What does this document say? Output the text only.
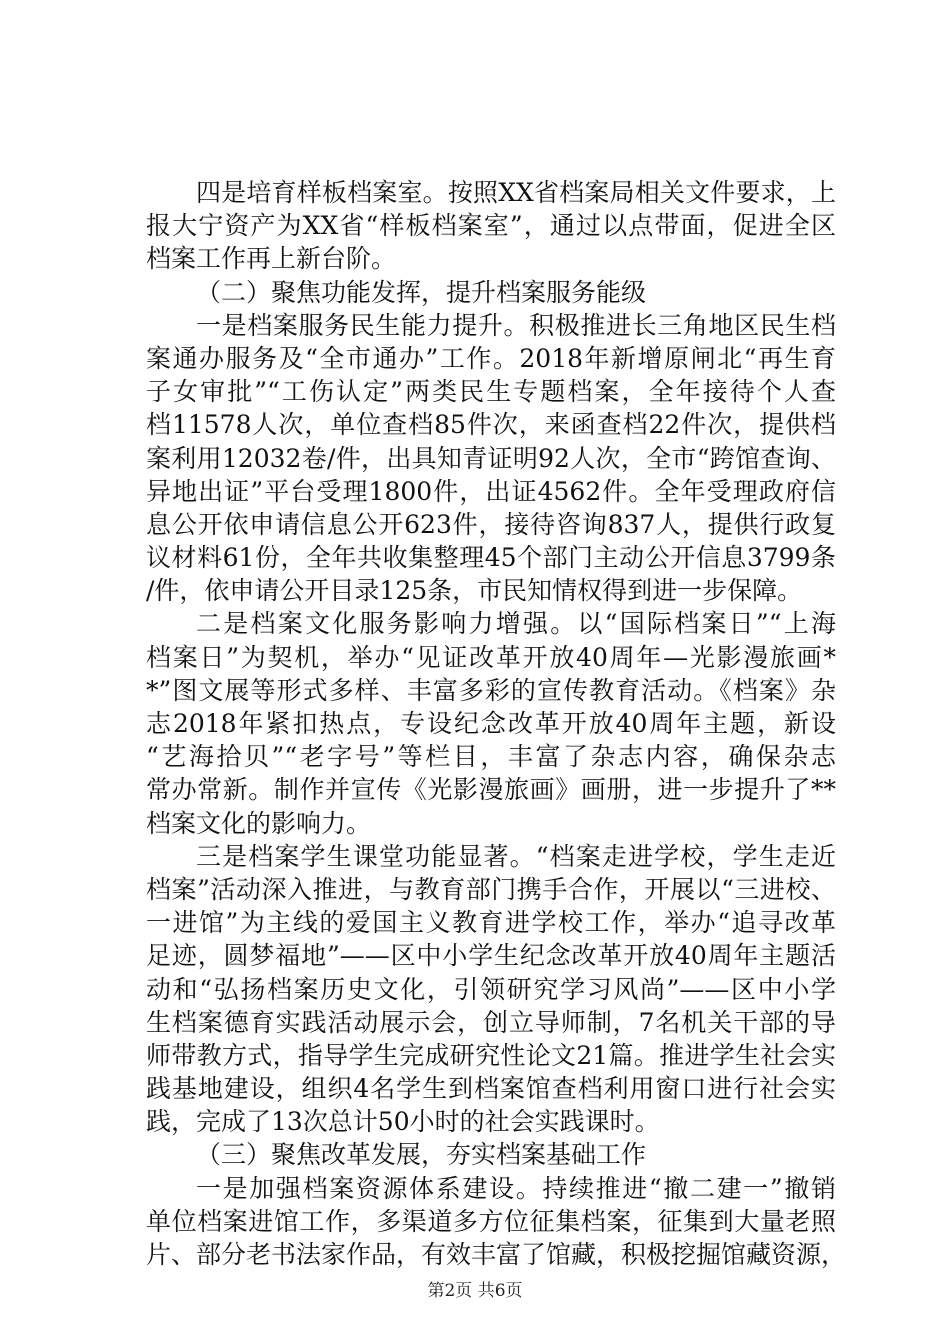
四是培育样板档案室。按照XX省档案局相关文件要求，上
报大宁资产为XX省“样板档案室”，通过以点带面，促进全区
档案工作再上新台阶。
（二）聚焦功能发挥，提升档案服务能级
一是档案服务民生能力提升。积极推进长三角地区民生档
案通办服务及“全市通办”工作。2018年新增原闸北“再生育
子女审批”“工伤认定”两类民生专题档案，全年接待个人查
档11578人次，单位查档85件次，来函查档22件次，提供档
案利用12032卷/件，出具知青证明92人次，全市“跨馆查询、
异地出证”平台受理1800件，出证4562件。全年受理政府信
息公开依申请信息公开623件，接待咨询837人，提供行政复
议材料61份，全年共收集整理45个部门主动公开信息3799条
/件，依申请公开目录125条，市民知情权得到进一步保障。
二是档案文化服务影响力增强。以“国际档案日”“上海
档案日”为契机，举办“见证改革开放40周年—光影漫旅画*
*”图文展等形式多样、丰富多彩的宣传教育活动。《档案》杂
志2018年紧扣热点，专设纪念改革开放40周年主题，新设
“艺海拾贝”“老字号”等栏目，丰富了杂志内容，确保杂志
常办常新。制作并宣传《光影漫旅画》画册，进一步提升了**
档案文化的影响力。
三是档案学生课堂功能显著。“档案走进学校，学生走近
档案”活动深入推进，与教育部门携手合作，开展以“三进校、
一进馆”为主线的爱国主义教育进学校工作，举办“追寻改革
足迹，圆梦福地”——区中小学生纪念改革开放40周年主题活
动和“弘扬档案历史文化，引领研究学习风尚”——区中小学
生档案德育实践活动展示会，创立导师制，7名机关干部的导
师带教方式，指导学生完成研究性论文21篇。推进学生社会实
践基地建设，组织4名学生到档案馆查档利用窗口进行社会实
践，完成了13次总计50小时的社会实践课时。
（三）聚焦改革发展，夯实档案基础工作
一是加强档案资源体系建设。持续推进“撤二建一”撤销
单位档案进馆工作，多渠道多方位征集档案，征集到大量老照
片、部分老书法家作品，有效丰富了馆藏，积极挖掘馆藏资源，
第2页 共6页
